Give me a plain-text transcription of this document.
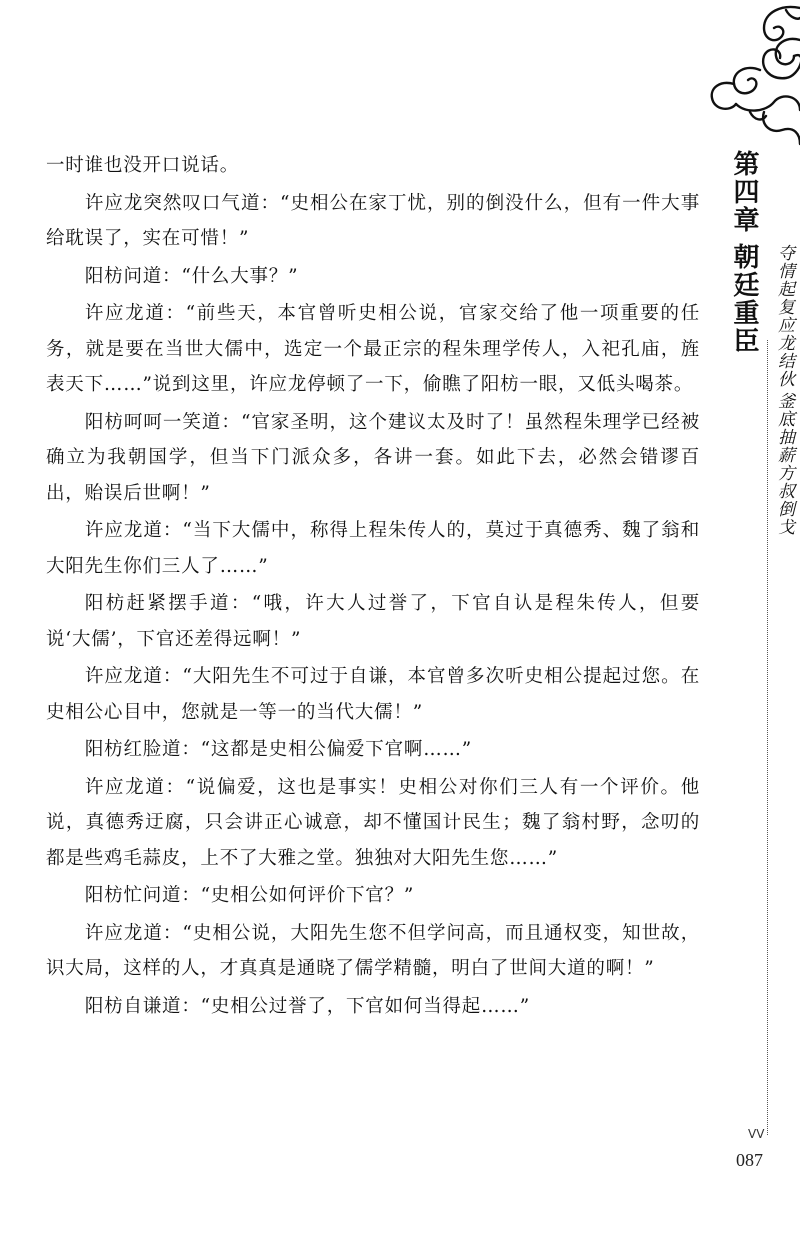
一时谁也没开口说话。

许应龙突然叹口气道：“史相公在家丁忧，别的倒没什么，但有一件大事给耽误了，实在可惜！”

阳枋问道：“什么大事？”

许应龙道：“前些天，本官曾听史相公说，官家交给了他一项重要的任务，就是要在当世大儒中，选定一个最正宗的程朱理学传人，入祀孔庙，旌表天下……”说到这里，许应龙停顿了一下，偷瞧了阳枋一眼，又低头喝茶。

阳枋呵呵一笑道：“官家圣明，这个建议太及时了！虽然程朱理学已经被确立为我朝国学，但当下门派众多，各讲一套。如此下去，必然会错谬百出，贻误后世啊！”

许应龙道：“当下大儒中，称得上程朱传人的，莫过于真德秀、魏了翁和大阳先生你们三人了……”

阳枋赶紧摆手道：“哦，许大人过誉了，下官自认是程朱传人，但要说‘大儒’，下官还差得远啊！”

许应龙道：“大阳先生不可过于自谦，本官曾多次听史相公提起过您。在史相公心目中，您就是一等一的当代大儒！”

阳枋红脸道：“这都是史相公偏爱下官啊……”

许应龙道：“说偏爱，这也是事实！史相公对你们三人有一个评价。他说，真德秀迂腐，只会讲正心诚意，却不懂国计民生；魏了翁村野，念叨的都是些鸡毛蒜皮，上不了大雅之堂。独独对大阳先生您……”

阳枋忙问道：“史相公如何评价下官？”

许应龙道：“史相公说，大阳先生您不但学问高，而且通权变，知世故，识大局，这样的人，才真真是通晓了儒学精髓，明白了世间大道的啊！”

阳枋自谦道：“史相公过誉了，下官如何当得起……”

第四章
朝廷重臣 夺情起复应龙结伙
釜底抽薪方叔倒戈
VV
087
